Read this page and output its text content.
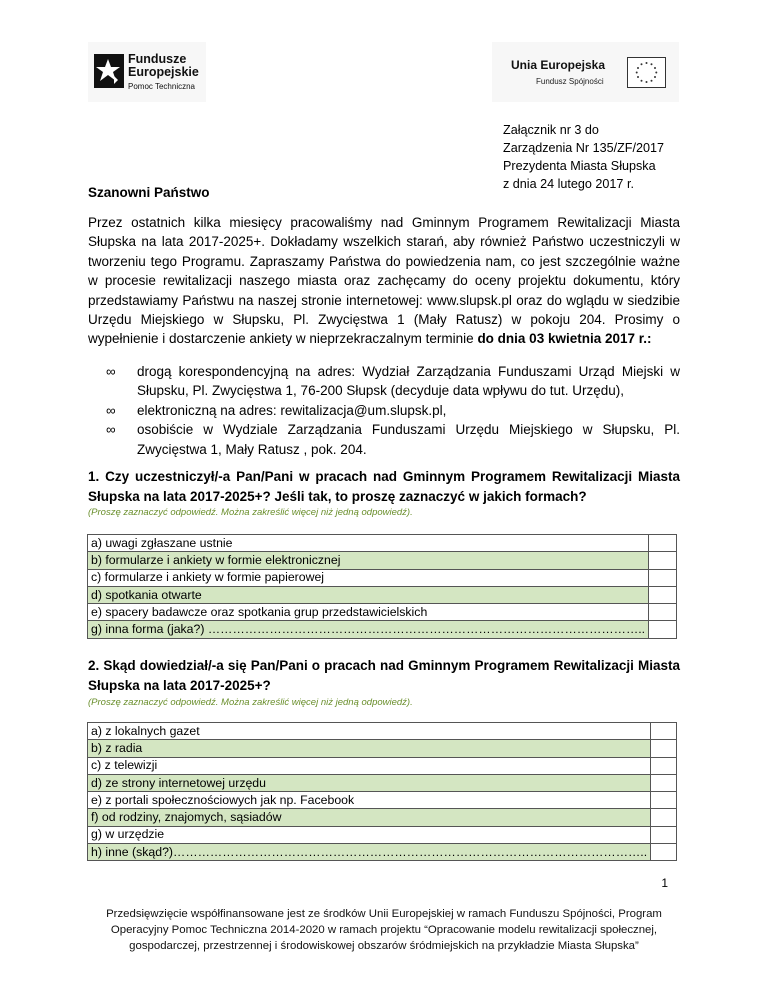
Fundusze
Europejskie
Pomoc Techniczna
Unia Europejska
Fundusz Spójności
Załącznik nr 3 do
Zarządzenia Nr 135/ZF/2017
Prezydenta Miasta Słupska
z dnia 24 lutego 2017 r.
Szanowni Państwo
Przez ostatnich kilka miesięcy pracowaliśmy nad Gminnym Programem Rewitalizacji Miasta Słupska na lata 2017-2025+. Dokładamy wszelkich starań, aby również Państwo uczestniczyli w tworzeniu tego Programu. Zapraszamy Państwa do powiedzenia nam, co jest szczególnie ważne w procesie rewitalizacji naszego miasta oraz zachęcamy do oceny projektu dokumentu, który przedstawiamy Państwu na naszej stronie internetowej: www.slupsk.pl oraz do wglądu w siedzibie Urzędu Miejskiego w Słupsku, Pl. Zwycięstwa 1 (Mały Ratusz) w pokoju 204. Prosimy o wypełnienie i dostarczenie ankiety w nieprzekraczalnym terminie do dnia 03 kwietnia 2017 r.:
∞	drogą korespondencyjną na adres: Wydział Zarządzania Funduszami Urząd Miejski w Słupsku, Pl. Zwycięstwa 1, 76-200 Słupsk (decyduje data wpływu do tut. Urzędu),
∞	elektroniczną na adres: rewitalizacja@um.slupsk.pl,
∞	osobiście w Wydziale Zarządzania Funduszami Urzędu Miejskiego w Słupsku, Pl. Zwycięstwa 1, Mały Ratusz , pok. 204.
1. Czy uczestniczył/-a Pan/Pani w pracach nad Gminnym Programem Rewitalizacji Miasta Słupska na lata 2017-2025+? Jeśli tak, to proszę zaznaczyć w jakich formach?
(Proszę zaznaczyć odpowiedź. Można zakreślić więcej niż jedną odpowiedź).
a) uwagi zgłaszane ustnie	
b) formularze i ankiety w formie elektronicznej	
c) formularze i ankiety w formie papierowej	
d) spotkania otwarte	
e) spacery badawcze oraz spotkania grup przedstawicielskich	
g) inna forma (jaka?) ……………………………………………………………………………………………..	
2. Skąd dowiedział/-a się Pan/Pani o pracach nad Gminnym Programem Rewitalizacji Miasta Słupska na lata 2017-2025+?
(Proszę zaznaczyć odpowiedź. Można zakreślić więcej niż jedną odpowiedź).
a) z lokalnych gazet	
b) z radia	
c) z telewizji	
d) ze strony internetowej urzędu	
e) z portali społecznościowych jak np. Facebook	
f) od rodziny, znajomych, sąsiadów	
g) w urzędzie	
h) inne (skąd?)……………………………………………………………………………………………………..	
1
Przedsięwzięcie współfinansowane jest ze środków Unii Europejskiej w ramach Funduszu Spójności, Program Operacyjny Pomoc Techniczna 2014-2020 w ramach projektu “Opracowanie modelu rewitalizacji społecznej, gospodarczej, przestrzennej i środowiskowej obszarów śródmiejskich na przykładzie Miasta Słupska”
